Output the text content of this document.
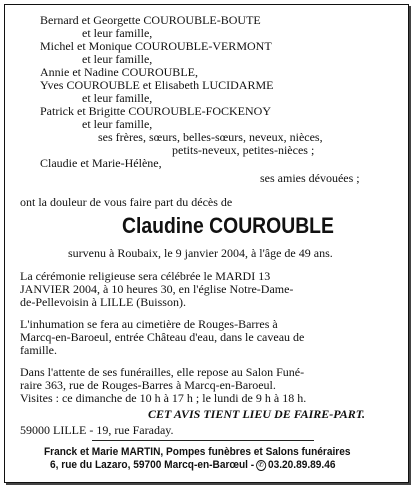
Bernard et Georgette COUROUBLE-BOUTE
et leur famille,
Michel et Monique COUROUBLE-VERMONT
et leur famille,
Annie et Nadine COUROUBLE,
Yves COUROUBLE et Elisabeth LUCIDARME
et leur famille,
Patrick et Brigitte COUROUBLE-FOCKENOY
et leur famille,
ses frères, sœurs, belles-sœurs, neveux, nièces,
petits-neveux, petites-nièces ;
Claudie et Marie-Hélène,
ses amies dévouées ;
ont la douleur de vous faire part du décès de
Claudine COUROUBLE
survenu à Roubaix, le 9 janvier 2004, à l'âge de 49 ans.
La cérémonie religieuse sera célébrée le MARDI 13
JANVIER 2004, à 10 heures 30, en l'église Notre-Dame-
de-Pellevoisin à LILLE (Buisson).
L'inhumation se fera au cimetière de Rouges-Barres à
Marcq-en-Baroeul, entrée Château d'eau, dans le caveau de
famille.
Dans l'attente de ses funérailles, elle repose au Salon Funé-
raire 363, rue de Rouges-Barres à Marcq-en-Baroeul.
Visites : ce dimanche de 10 h à 17 h ; le lundi de 9 h à 18 h.
CET AVIS TIENT LIEU DE FAIRE-PART.
59000 LILLE - 19, rue Faraday.
Franck et Marie MARTIN, Pompes funèbres et Salons funéraires
6, rue du Lazaro, 59700 Marcq-en-Barœul - ✆ 03.20.89.89.46
